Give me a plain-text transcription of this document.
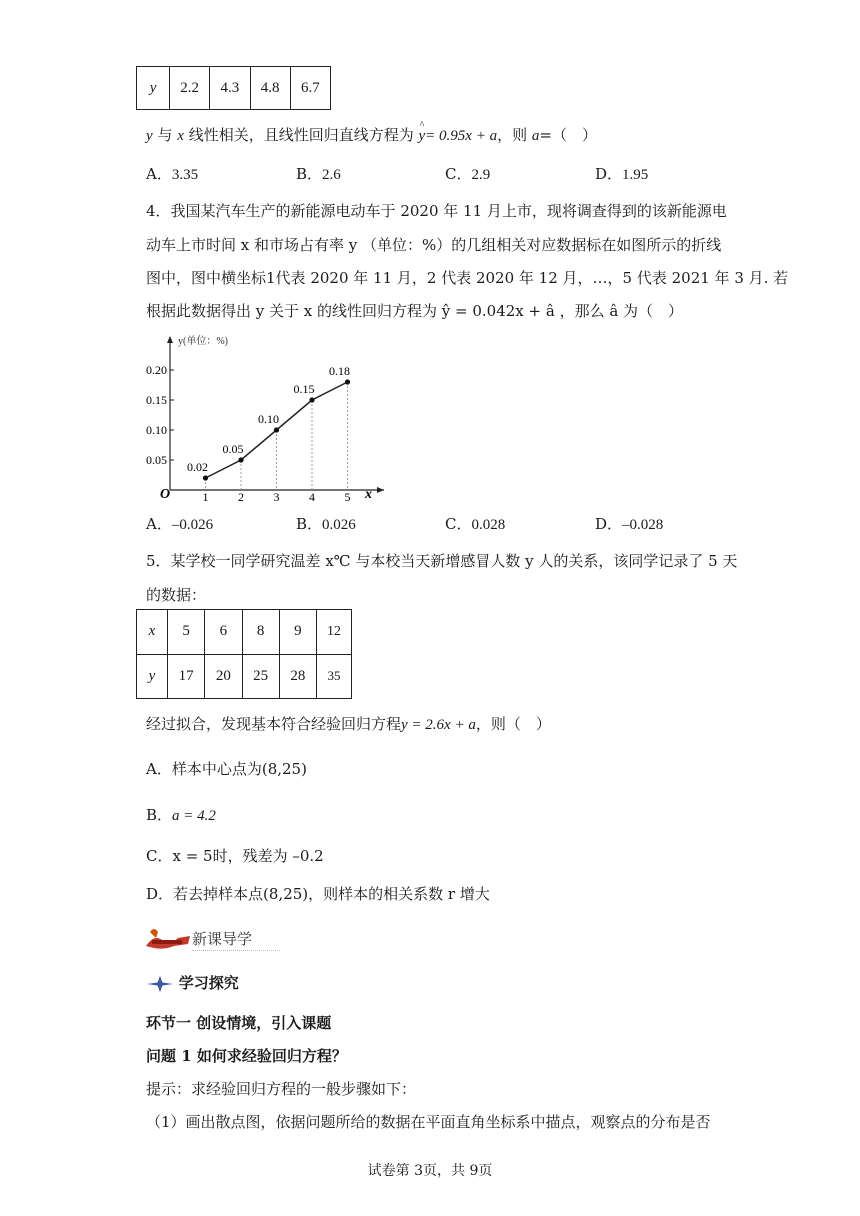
y	2.2	4.3	4.8	6.7
y 与 x 线性相关，且线性回归直线方程为 ^ y= 0.95x + a，则 a=（　）
A．3.35	B．2.6	C．2.9	D．1.95
4．我国某汽车生产的新能源电动车于 2020 年 11 月上市，现将调查得到的该新能源电
动车上市时间 x 和市场占有率 y （单位：%）的几组相关对应数据标在如图所示的折线
图中，图中横坐标1代表 2020 年 11 月，2 代表 2020 年 12 月，…，5 代表 2021 年 3 月. 若
根据此数据得出 y 关于 x 的线性回归方程为 ŷ = 0.042x + â ，那么 â 为（　）
y(单位：%)
x
O
0.05
0.10
0.15
0.20
1 2 3 4 5
0.02
0.05
0.10
0.15
0.18
A．–0.026	B．0.026	C．0.028	D．–0.028
5．某学校一同学研究温差 x℃ 与本校当天新增感冒人数 y 人的关系，该同学记录了 5 天
的数据：
x	5	6	8	9	12
y	17	20	25	28	35
经过拟合，发现基本符合经验回归方程y = 2.6x + a，则（　）
A．样本中心点为(8,25)
B．a = 4.2
C．x = 5时，残差为 –0.2
D．若去掉样本点(8,25)，则样本的相关系数 r 增大
新课导学
学习探究
环节一 创设情境，引入课题
问题 1 如何求经验回归方程？
提示：求经验回归方程的一般步骤如下：
（1）画出散点图，依据问题所给的数据在平面直角坐标系中描点，观察点的分布是否
试卷第 3页，共 9页
